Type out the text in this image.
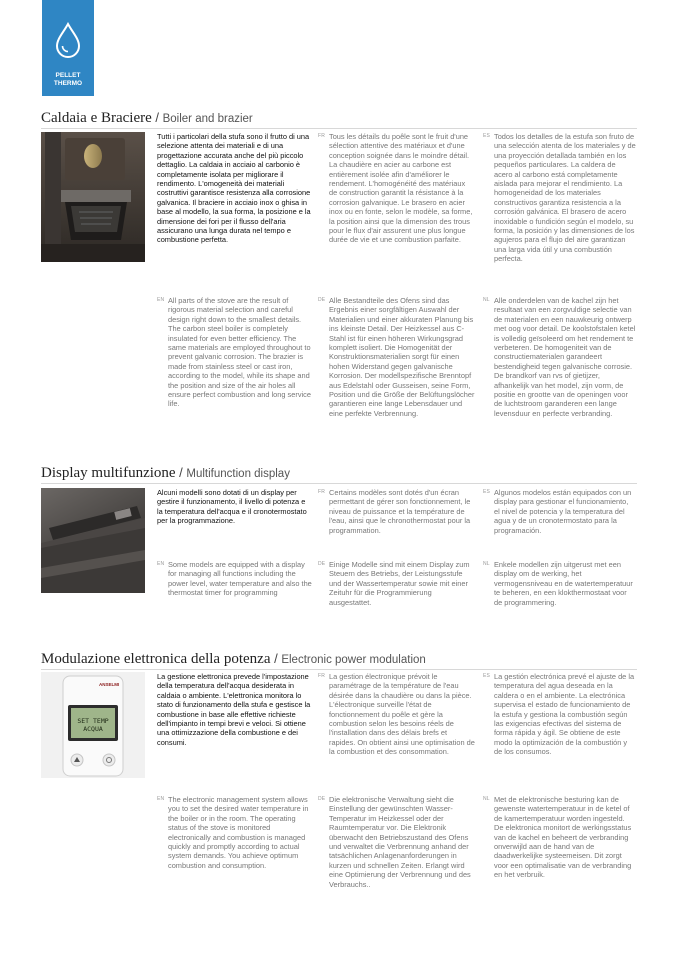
PELLET
THERMO
Caldaia e Braciere / Boiler and brazier

Tutti i particolari della stufa sono il frutto di una selezione attenta dei materiali e di una progettazione accurata anche del più piccolo dettaglio. La caldaia in acciaio al carbonio è completamente isolata per migliorare il rendimento. L'omogeneità dei materiali costruttivi garantisce resistenza alla corrosione galvanica. Il braciere in acciaio inox o ghisa in base al modello, la sua forma, la posizione e la dimensione dei fori per il flusso dell'aria assicurano una lunga durata nel tempo e combustione perfetta.

FR Tous les détails du poêle sont le fruit d'une sélection attentive des matériaux et d'une conception soignée dans le moindre détail. La chaudière en acier au carbone est entièrement isolée afin d'améliorer le rendement. L'homogénéité des matériaux de construction garantit la résistance à la corrosion galvanique. Le brasero en acier inox ou en fonte, selon le modèle, sa forme, la position ainsi que la dimension des trous pour le flux d'air assurent une plus longue durée de vie et une combustion parfaite.

ES Todos los detalles de la estufa son fruto de una selección atenta de los materiales y de una proyección detallada también en los pequeños particulares. La caldera de acero al carbono está completamente aislada para mejorar el rendimiento. La homogeneidad de los materiales constructivos garantiza resistencia a la corrosión galvánica. El brasero de acero inoxidable o fundición según el modelo, su forma, la posición y las dimensiones de los agujeros para el flujo del aire garantizan una larga vida útil y una combustión perfecta.

EN All parts of the stove are the result of rigorous material selection and careful design right down to the smallest details. The carbon steel boiler is completely insulated for even better efficiency. The same materials are employed throughout to prevent galvanic corrosion. The brazier is made from stainless steel or cast iron, according to the model, while its shape and the position and size of the air holes all ensure perfect combustion and long service life.

DE Alle Bestandteile des Ofens sind das Ergebnis einer sorgfältigen Auswahl der Materialien und einer akkuraten Planung bis ins kleinste Detail. Der Heizkessel aus C-Stahl ist für einen höheren Wirkungsgrad komplett isoliert. Die Homogenität der Konstruktionsmaterialien sorgt für einen hohen Widerstand gegen galvanische Korrosion. Der modellspezifische Brenntopf aus Edelstahl oder Gusseisen, seine Form, Position und die Größe der Belüftungslöcher garantieren eine lange Lebensdauer und eine perfekte Verbrennung.

NL Alle onderdelen van de kachel zijn het resultaat van een zorgvuldige selectie van de materialen en een nauwkeurig ontwerp met oog voor detail. De koolstofstalen ketel is volledig geïsoleerd om het rendement te verbeteren. De homogeniteit van de constructiematerialen garandeert bestendigheid tegen galvanische corrosie. De brandkorf van rvs of gietijzer, afhankelijk van het model, zijn vorm, de positie en grootte van de openingen voor de luchtstroom garanderen een lange levensduur en perfecte verbranding.

Display multifunzione / Multifunction display

Alcuni modelli sono dotati di un display per gestire il funzionamento, il livello di potenza e la temperatura dell'acqua e il cronotermostato per la programmazione.

FR Certains modèles sont dotés d'un écran permettant de gérer son fonctionnement, le niveau de puissance et la température de l'eau, ainsi que le chronothermostat pour la programmation.

ES Algunos modelos están equipados con un display para gestionar el funcionamiento, el nivel de potencia y la temperatura del agua y de un cronotermostato para la programación.

EN Some models are equipped with a display for managing all functions including the power level, water temperature and also the thermostat timer for programming

DE Einige Modelle sind mit einem Display zum Steuern des Betriebs, der Leistungsstufe und der Wassertemperatur sowie mit einer Zeituhr für die Programmierung ausgestattet.

NL Enkele modellen zijn uitgerust met een display om de werking, het vermogensniveau en de watertemperatuur te beheren, en een klokthermostaat voor de programmering.

Modulazione elettronica della potenza / Electronic power modulation
ANSELMI
SET TEMP
ACQUA

La gestione elettronica prevede l'impostazione della temperatura dell'acqua desiderata in caldaia o ambiente. L'elettronica monitora lo stato di funzionamento della stufa e gestisce la combustione in base alle effettive richieste dell'impianto in tempi brevi e veloci. Si ottiene una ottimizzazione della combustione e dei consumi.

FR La gestion électronique prévoit le paramétrage de la température de l'eau désirée dans la chaudière ou dans la pièce. L'électronique surveille l'état de fonctionnement du poêle et gère la combustion selon les besoins réels de l'installation dans des délais brefs et rapides. On obtient ainsi une optimisation de la combustion et des consommation.

ES La gestión electrónica prevé el ajuste de la temperatura del agua deseada en la caldera o en el ambiente. La electrónica supervisa el estado de funcionamiento de la estufa y gestiona la combustión según las exigencias efectivas del sistema de forma rápida y ágil. Se obtiene de este modo la optimización de la combustión y de los consumos.

EN The electronic management system allows you to set the desired water temperature in the boiler or in the room. The operating status of the stove is monitored electronically and combustion is managed quickly and promptly according to actual system demands. You achieve optimum combustion and consumption.

DE Die elektronische Verwaltung sieht die Einstellung der gewünschten Wasser-Temperatur im Heizkessel oder der Raumtemperatur vor. Die Elektronik überwacht den Betriebszustand des Ofens und verwaltet die Verbrennung anhand der tatsächlichen Anlagenanforderungen in kurzen und schnellen Zeiten. Erlangt wird eine Optimierung der Verbrennung und des Verbrauchs..

NL Met de elektronische besturing kan de gewenste watertemperatuur in de ketel of de kamertemperatuur worden ingesteld. De elektronica monitort de werkingsstatus van de kachel en beheert de verbranding onverwijld aan de hand van de daadwerkelijke systeemeisen. Dit zorgt voor een optimalisatie van de verbranding en het verbruik.
